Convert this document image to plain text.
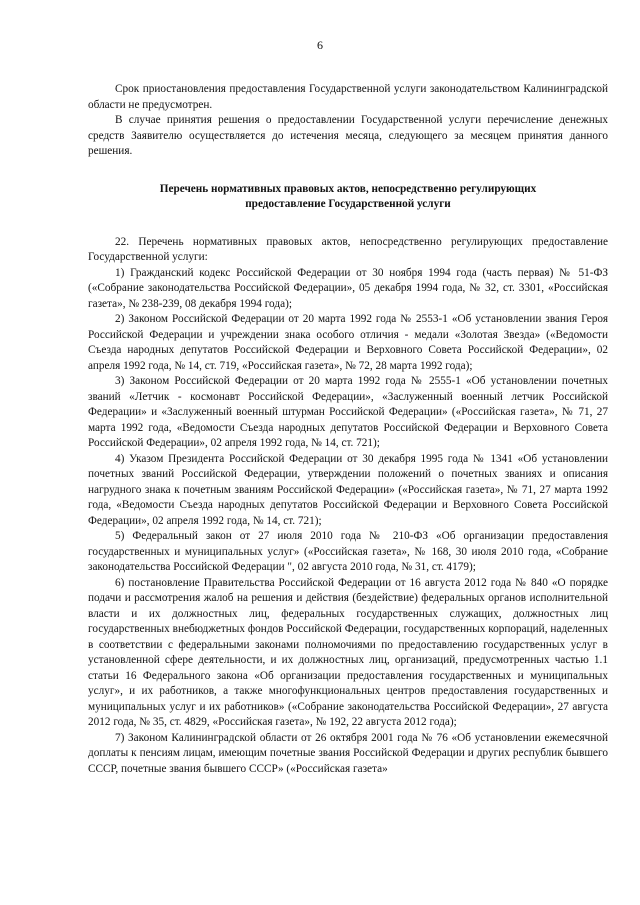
6

Срок приостановления предоставления Государственной услуги законодательством Калининградской области не предусмотрен.

В случае принятия решения о предоставлении Государственной услуги перечисление денежных средств Заявителю осуществляется до истечения месяца, следующего за месяцем принятия данного решения.

Перечень нормативных правовых актов, непосредственно регулирующих
предоставление Государственной услуги

22. Перечень нормативных правовых актов, непосредственно регулирующих предоставление Государственной услуги:

1) Гражданский кодекс Российской Федерации от 30 ноября 1994 года (часть первая) № 51-ФЗ («Собрание законодательства Российской Федерации», 05 декабря 1994 года, № 32, ст. 3301, «Российская газета», № 238-239, 08 декабря 1994 года);

2) Законом Российской Федерации от 20 марта 1992 года № 2553-1 «Об установлении звания Героя Российской Федерации и учреждении знака особого отличия - медали «Золотая Звезда» («Ведомости Съезда народных депутатов Российской Федерации и Верховного Совета Российской Федерации», 02 апреля 1992 года, № 14, ст. 719, «Российская газета», № 72, 28 марта 1992 года);

3) Законом Российской Федерации от 20 марта 1992 года № 2555-1 «Об установлении почетных званий «Летчик - космонавт Российской Федерации», «Заслуженный военный летчик Российской Федерации» и «Заслуженный военный штурман Российской Федерации» («Российская газета», № 71, 27 марта 1992 года, «Ведомости Съезда народных депутатов Российской Федерации и Верховного Совета Российской Федерации», 02 апреля 1992 года, № 14, ст. 721);

4) Указом Президента Российской Федерации от 30 декабря 1995 года № 1341 «Об установлении почетных званий Российской Федерации, утверждении положений о почетных званиях и описания нагрудного знака к почетным званиям Российской Федерации» («Российская газета», № 71, 27 марта 1992 года, «Ведомости Съезда народных депутатов Российской Федерации и Верховного Совета Российской Федерации», 02 апреля 1992 года, № 14, ст. 721);

5) Федеральный закон от 27 июля 2010 года № 210-ФЗ «Об организации предоставления государственных и муниципальных услуг» («Российская газета», № 168, 30 июля 2010 года, «Собрание законодательства Российской Федерации ", 02 августа 2010 года, № 31, ст. 4179);

6) постановление Правительства Российской Федерации от 16 августа 2012 года № 840 «О порядке подачи и рассмотрения жалоб на решения и действия (бездействие) федеральных органов исполнительной власти и их должностных лиц, федеральных государственных служащих, должностных лиц государственных внебюджетных фондов Российской Федерации, государственных корпораций, наделенных в соответствии с федеральными законами полномочиями по предоставлению государственных услуг в установленной сфере деятельности, и их должностных лиц, организаций, предусмотренных частью 1.1 статьи 16 Федерального закона «Об организации предоставления государственных и муниципальных услуг», и их работников, а также многофункциональных центров предоставления государственных и муниципальных услуг и их работников» («Собрание законодательства Российской Федерации», 27 августа 2012 года, № 35, ст. 4829, «Российская газета», № 192, 22 августа 2012 года);

7) Законом Калининградской области от 26 октября 2001 года № 76 «Об установлении ежемесячной доплаты к пенсиям лицам, имеющим почетные звания Российской Федерации и других республик бывшего СССР, почетные звания бывшего СССР» («Российская газета»
